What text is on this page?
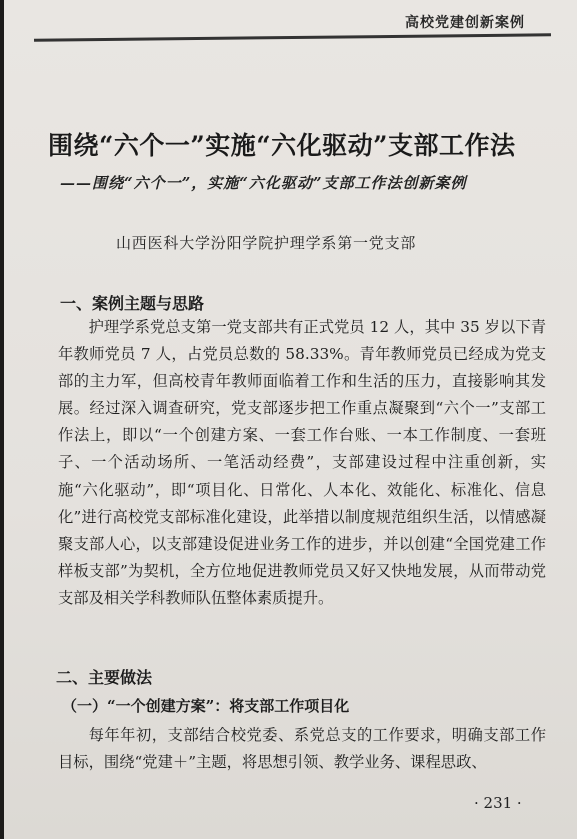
高校党建创新案例
围绕“六个一”实施“六化驱动”支部工作法
——围绕“六个一”，实施“六化驱动”支部工作法创新案例
山西医科大学汾阳学院护理学系第一党支部
一、案例主题与思路

护理学系党总支第一党支部共有正式党员 12 人，其中 35 岁以下青年教师党员 7 人，占党员总数的 58.33%。青年教师党员已经成为党支部的主力军，但高校青年教师面临着工作和生活的压力，直接影响其发展。经过深入调查研究，党支部逐步把工作重点凝聚到“六个一”支部工作法上，即以“一个创建方案、一套工作台账、一本工作制度、一套班子、一个活动场所、一笔活动经费”，支部建设过程中注重创新，实施“六化驱动”，即“项目化、日常化、人本化、效能化、标准化、信息化”进行高校党支部标准化建设，此举措以制度规范组织生活，以情感凝聚支部人心，以支部建设促进业务工作的进步，并以创建“全国党建工作样板支部”为契机，全方位地促进教师党员又好又快地发展，从而带动党支部及相关学科教师队伍整体素质提升。

二、主要做法
（一）“一个创建方案”：将支部工作项目化

每年年初，支部结合校党委、系党总支的工作要求，明确支部工作目标，围绕“党建＋”主题，将思想引领、教学业务、课程思政、

· 231 ·
